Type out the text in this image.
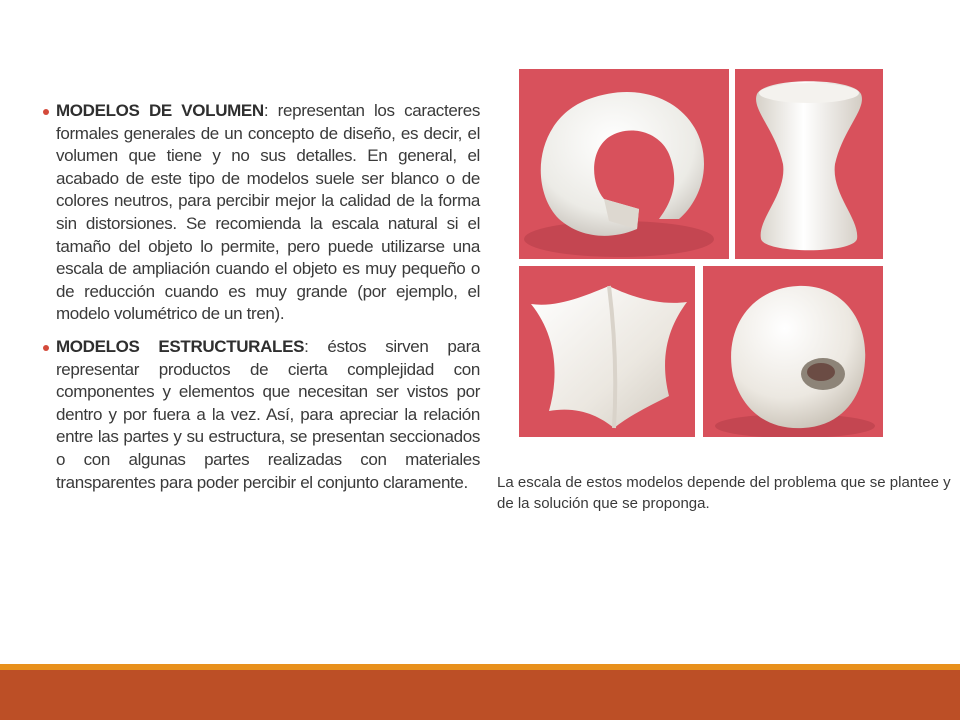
MODELOS DE VOLUMEN: representan los caracteres formales generales de un concepto de diseño, es decir, el volumen que tiene y no sus detalles. En general, el acabado de este tipo de modelos suele ser blanco o de colores neutros, para percibir mejor la calidad de la forma sin distorsiones. Se recomienda la escala natural si el tamaño del objeto lo permite, pero puede utilizarse una escala de ampliación cuando el objeto es muy pequeño o de reducción cuando es muy grande (por ejemplo, el modelo volumétrico de un tren).
MODELOS ESTRUCTURALES: éstos sirven para representar productos de cierta complejidad con componentes y elementos que necesitan ser vistos por dentro y por fuera a la vez. Así, para apreciar la relación entre las partes y su estructura, se presentan seccionados o con algunas partes realizadas con materiales transparentes para poder percibir el conjunto claramente.	La escala de estos modelos depende del problema que se plantee y de la solución que se proponga.
